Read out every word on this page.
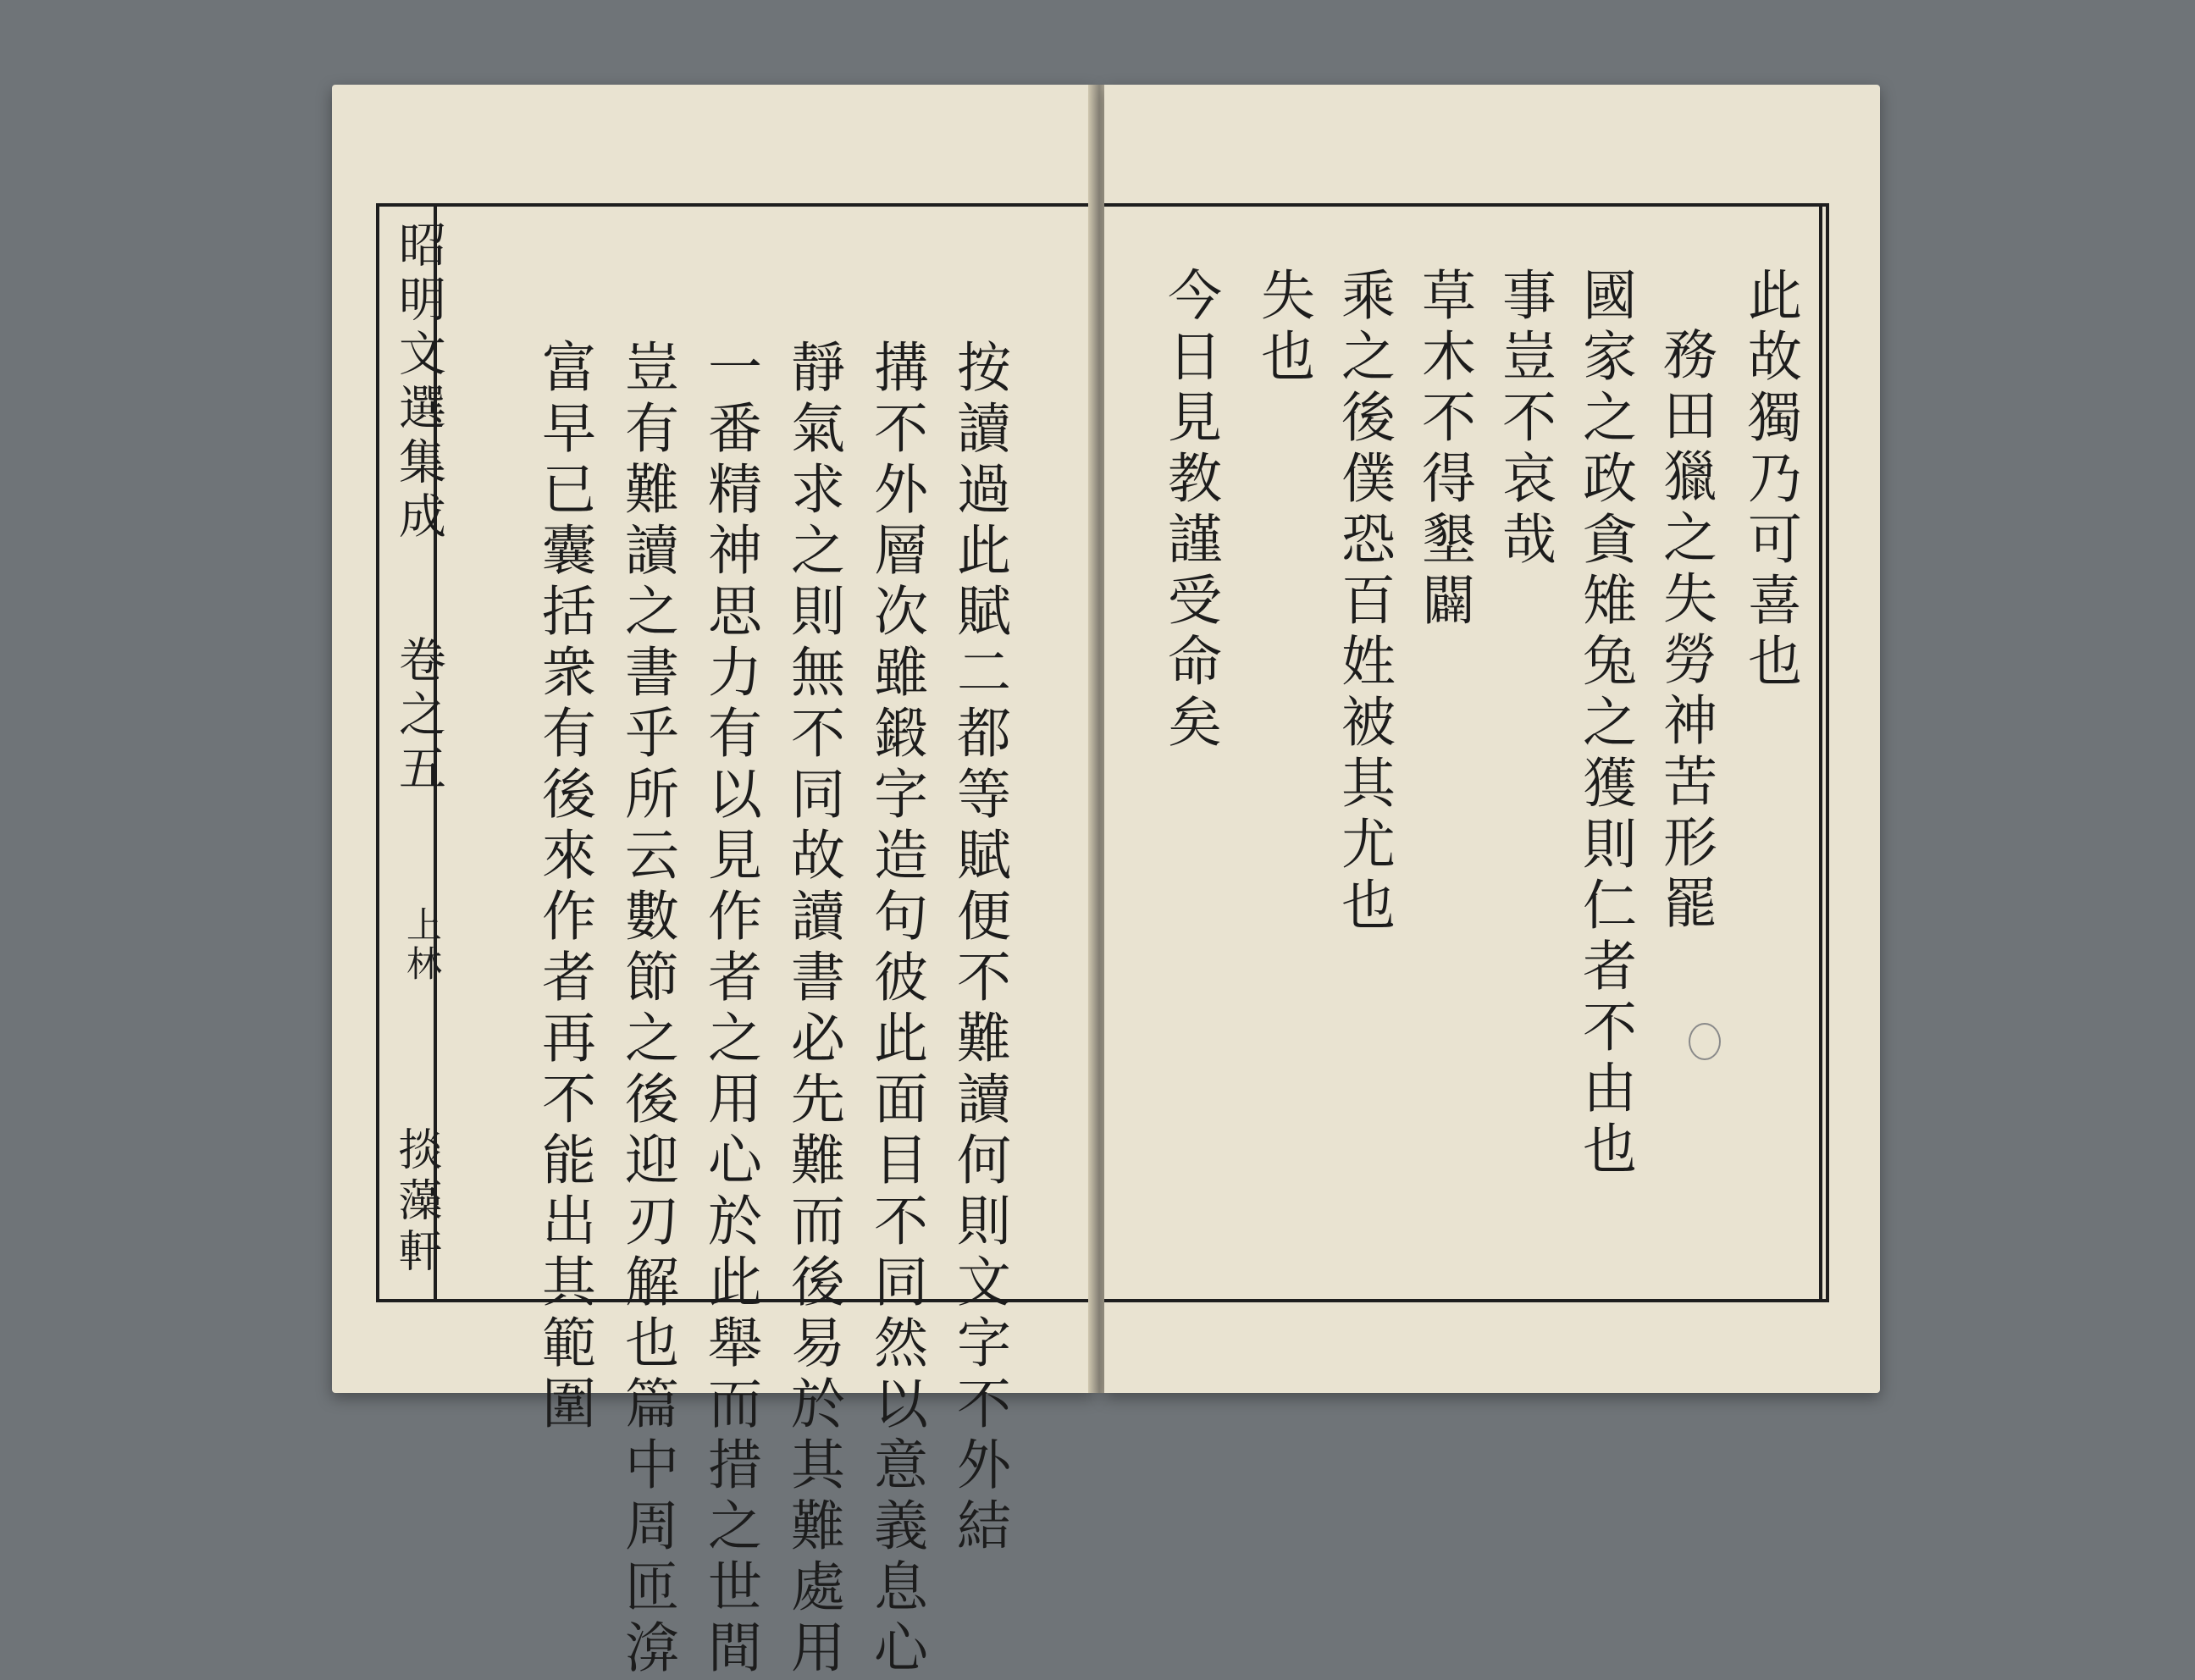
昭明文選集成
卷之五
上林
掞藻軒	按讀過此賦二都等賦便不難讀何則文字不外結
搆不外層次雖鍛字造句彼此面目不同然以意義息心
靜氣求之則無不同故讀書必先難而後易於其難處用
一番精神思力有以見作者之用心於此舉而措之世間
豈有難讀之書乎所云數節之後迎刃解也篇中周匝渰
富早已囊括衆有後來作者再不能出其範圍	此故獨乃可喜也
務田獵之失勞神苦形罷
國家之政貪雉兔之獲則仁者不由也
事豈不哀哉
草木不得墾闢
乘之後僕恐百姓被其尤也
失也
今日見教謹受命矣
